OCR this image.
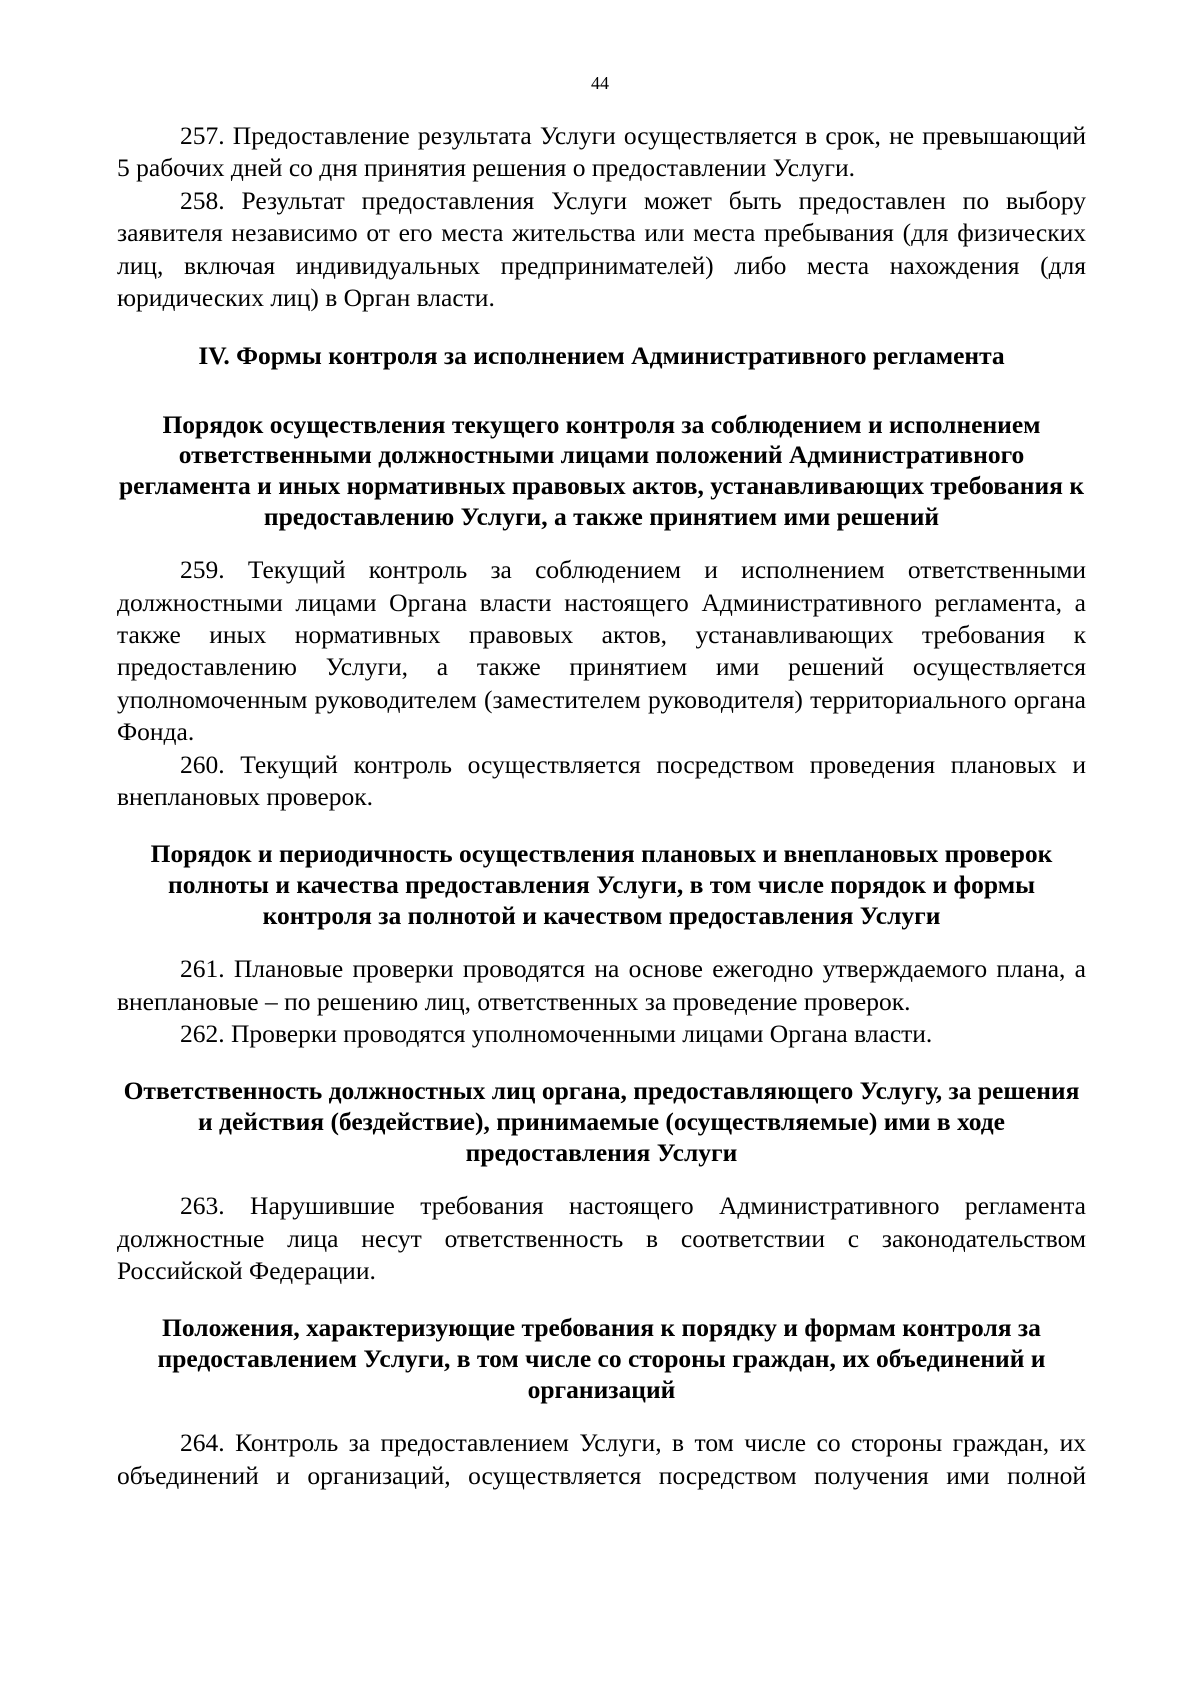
44

257. Предоставление результата Услуги осуществляется в срок, не превышающий 5 рабочих дней со дня принятия решения о предоставлении Услуги.

258. Результат предоставления Услуги может быть предоставлен по выбору заявителя независимо от его места жительства или места пребывания (для физических лиц, включая индивидуальных предпринимателей) либо места нахождения (для юридических лиц) в Орган власти.

IV. Формы контроля за исполнением Административного регламента
Порядок осуществления текущего контроля за соблюдением и исполнением ответственными должностными лицами положений Административного регламента и иных нормативных правовых актов, устанавливающих требования к предоставлению Услуги, а также принятием ими решений

259. Текущий контроль за соблюдением и исполнением ответственными должностными лицами Органа власти настоящего Административного регламента, а также иных нормативных правовых актов, устанавливающих требования к предоставлению Услуги, а также принятием ими решений осуществляется уполномоченным руководителем (заместителем руководителя) территориального органа Фонда.

260. Текущий контроль осуществляется посредством проведения плановых и внеплановых проверок.

Порядок и периодичность осуществления плановых и внеплановых проверок полноты и качества предоставления Услуги, в том числе порядок и формы контроля за полнотой и качеством предоставления Услуги

261. Плановые проверки проводятся на основе ежегодно утверждаемого плана, а внеплановые – по решению лиц, ответственных за проведение проверок.

262. Проверки проводятся уполномоченными лицами Органа власти.

Ответственность должностных лиц органа, предоставляющего Услугу, за решения и действия (бездействие), принимаемые (осуществляемые) ими в ходе предоставления Услуги

263. Нарушившие требования настоящего Административного регламента должностные лица несут ответственность в соответствии с законодательством Российской Федерации.

Положения, характеризующие требования к порядку и формам контроля за предоставлением Услуги, в том числе со стороны граждан, их объединений и организаций

264. Контроль за предоставлением Услуги, в том числе со стороны граждан, их объединений и организаций, осуществляется посредством получения ими полной
